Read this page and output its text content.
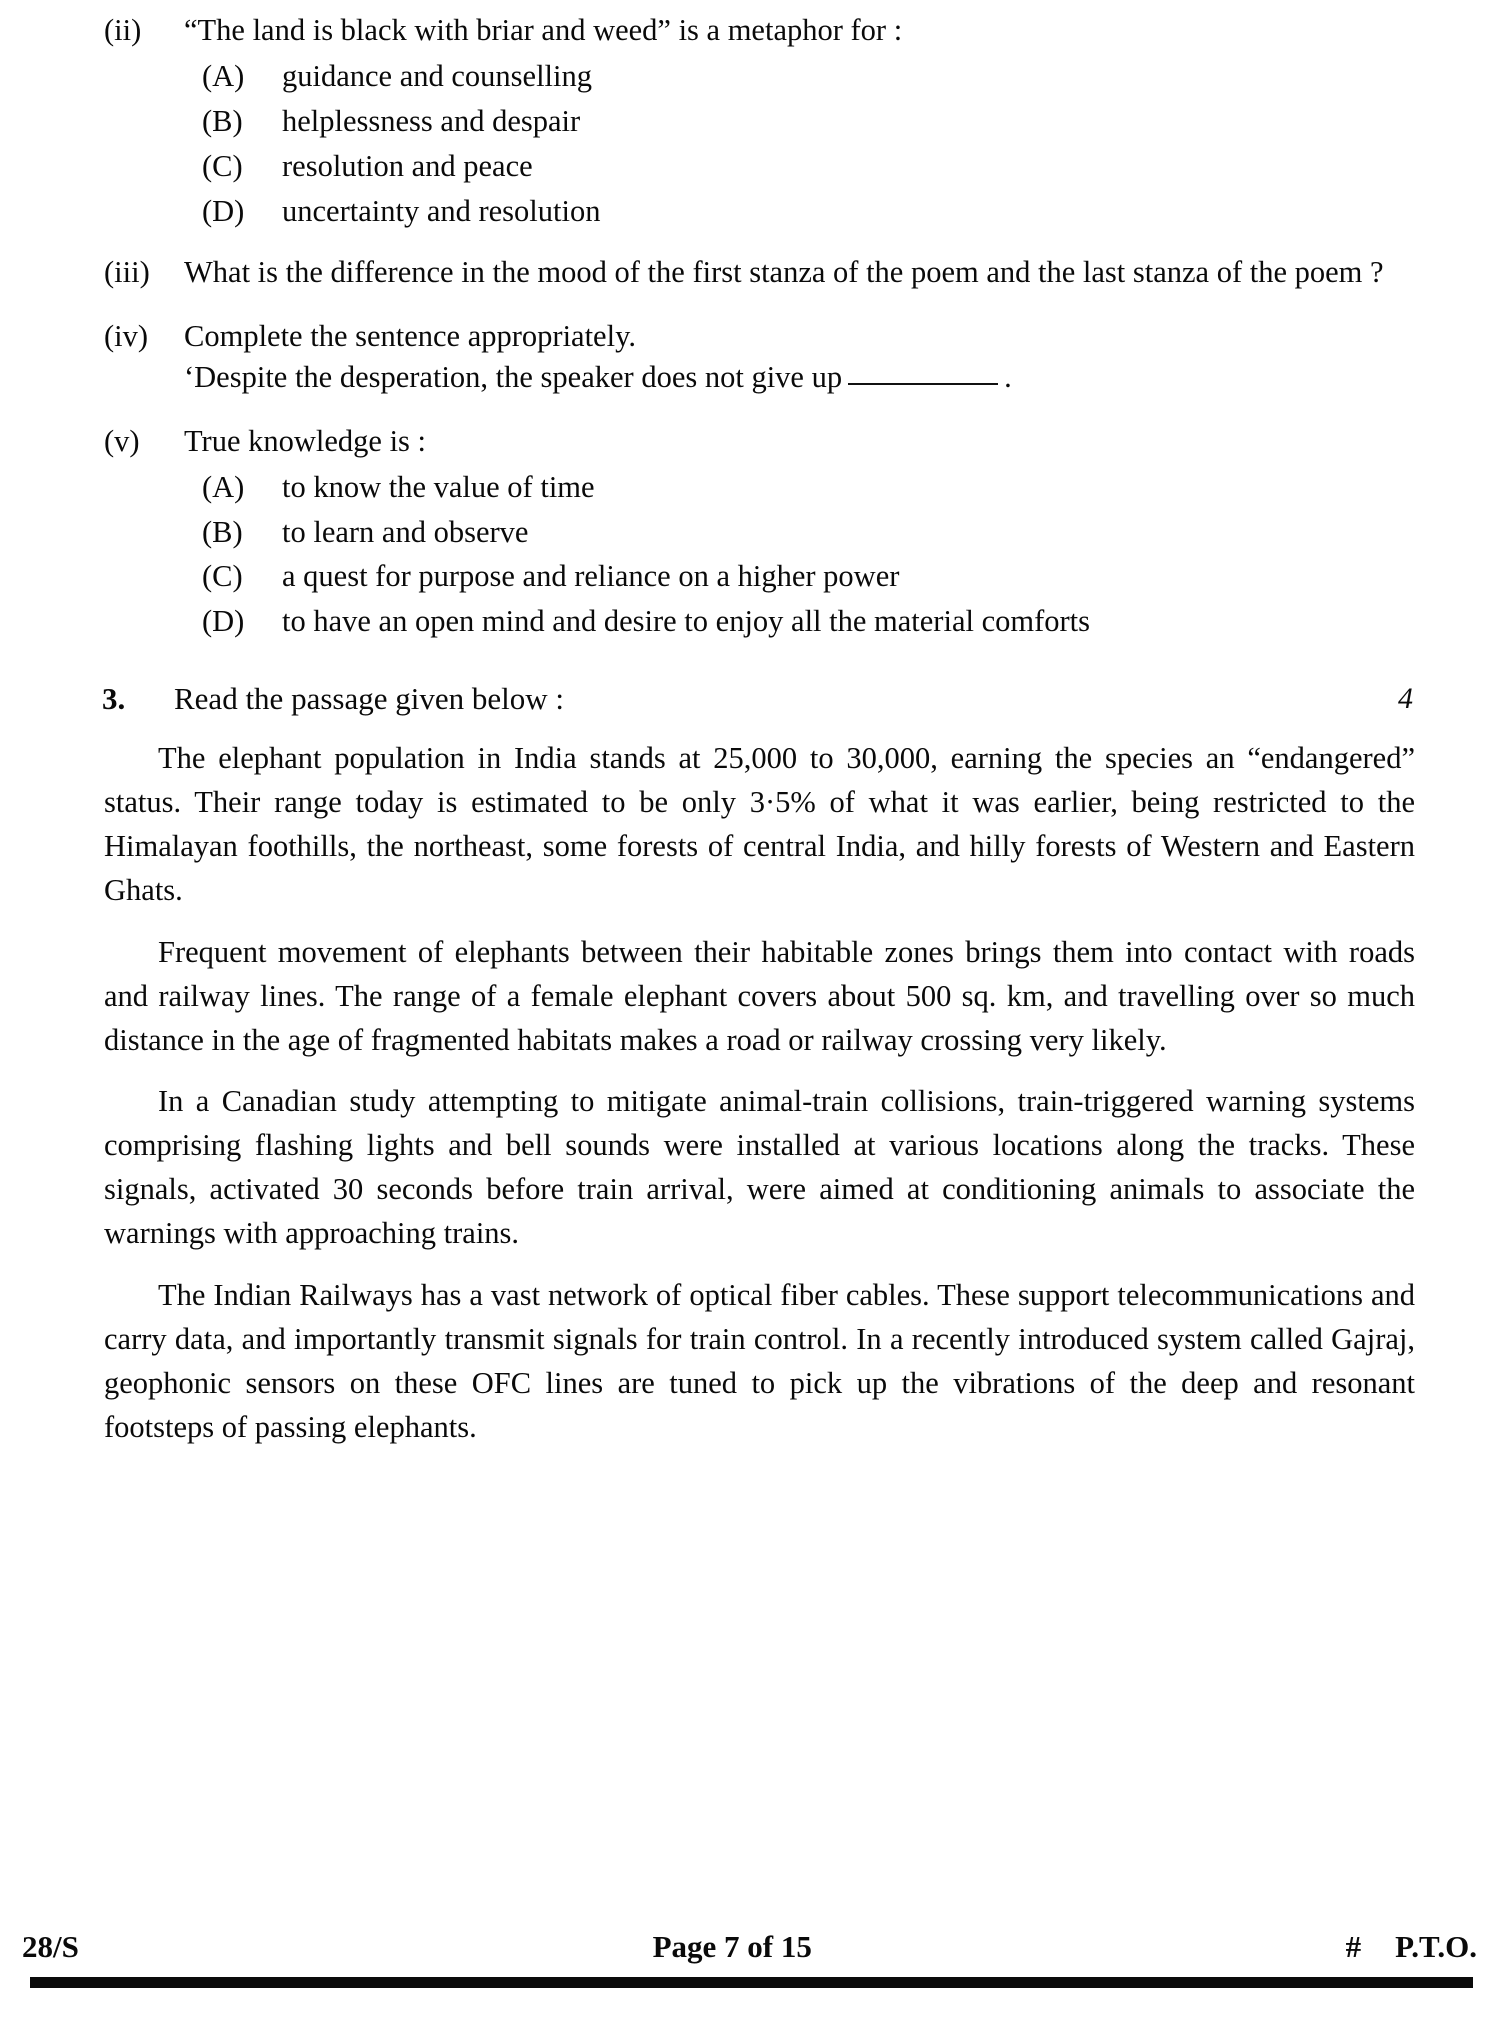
(ii)	“The land is black with briar and weed” is a metaphor for :
(A)	guidance and counselling
(B)	helplessness and despair
(C)	resolution and peace
(D)	uncertainty and resolution
(iii)	What is the difference in the mood of the first stanza of the poem and the last stanza of the poem ?
(iv)	Complete the sentence appropriately.
‘Despite the desperation, the speaker does not give up	.
(v)	True knowledge is :
(A)	to know the value of time
(B)	to learn and observe
(C)	a quest for purpose and reliance on a higher power
(D)	to have an open mind and desire to enjoy all the material comforts
3.	Read the passage given below :	4

The elephant population in India stands at 25,000 to 30,000, earning the species an “endangered” status. Their range today is estimated to be only 3·5% of what it was earlier, being restricted to the Himalayan foothills, the northeast, some forests of central India, and hilly forests of Western and Eastern Ghats.

Frequent movement of elephants between their habitable zones brings them into contact with roads and railway lines. The range of a female elephant covers about 500 sq. km, and travelling over so much distance in the age of fragmented habitats makes a road or railway crossing very likely.

In a Canadian study attempting to mitigate animal-train collisions, train-triggered warning systems comprising flashing lights and bell sounds were installed at various locations along the tracks. These signals, activated 30 seconds before train arrival, were aimed at conditioning animals to associate the warnings with approaching trains.

The Indian Railways has a vast network of optical fiber cables. These support telecommunications and carry data, and importantly transmit signals for train control. In a recently introduced system called Gajraj, geophonic sensors on these OFC lines are tuned to pick up the vibrations of the deep and resonant footsteps of passing elephants.

28/S	Page 7 of 15	# P.T.O.
